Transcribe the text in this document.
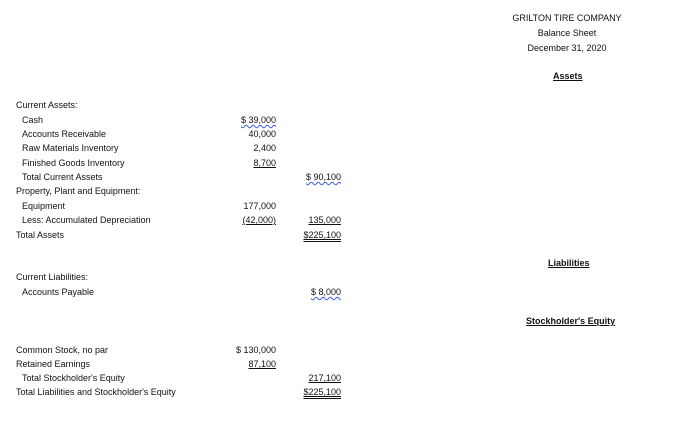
GRILTON TIRE COMPANY
Balance Sheet
December 31, 2020
Assets
Current Assets:
Cash
Accounts Receivable
Raw Materials Inventory
Finished Goods Inventory
Total Current Assets
Property, Plant and Equipment:
Equipment
Less: Accumulated Depreciation
Total Assets
$ 39,000
40,000
2,400
8,700
177,000
(42,000)
$ 90,100
135,000
$225,100
Liabilities
Current Liabilities:
Accounts Payable	$ 8,000
Stockholder's Equity
Common Stock, no par
Retained Earnings
Total Stockholder's Equity
Total Liabilities and Stockholder's Equity
$ 130,000
87,100
217,100
$225,100
